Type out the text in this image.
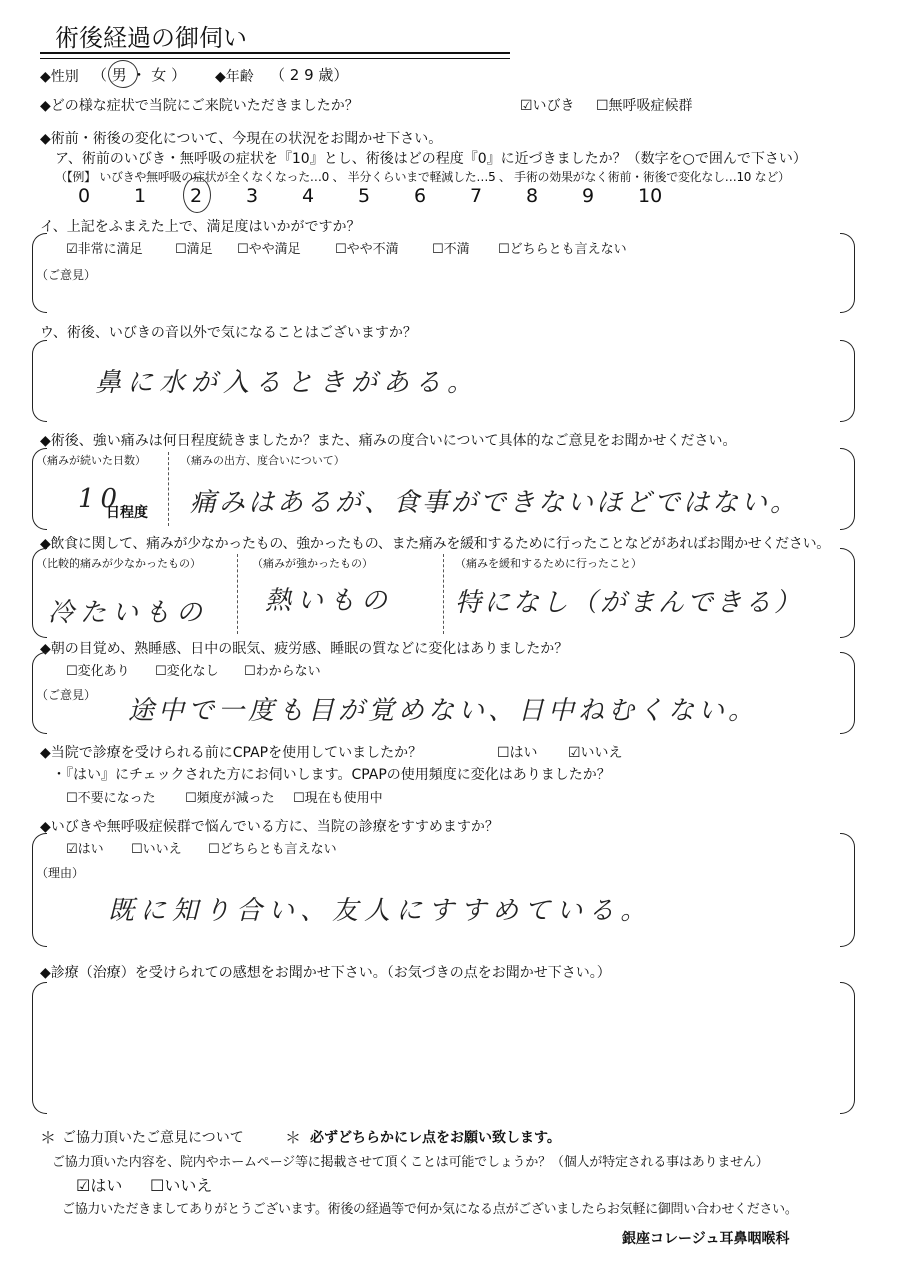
術後経過の御伺い
◆性別 （ 男 ・ 女 ） ◆年齢 （ 2 9 歳）
◆どの様な症状で当院にご来院いただきましたか？	☑いびき ☐無呼吸症候群
◆術前・術後の変化について、今現在の状況をお聞かせ下さい。
ア、術前のいびき・無呼吸の症状を『10』とし、術後はどの程度『0』に近づきましたか？（数字を○で囲んで下さい）
（【例】 いびきや無呼吸の症状が全くなくなった…0 、 半分くらいまで軽減した…5 、 手術の効果がなく術前・術後で変化なし…10 など）
0 1 2 3 4 5 6 7 8 9 10
イ、上記をふまえた上で、満足度はいかがですか？
☑非常に満足 ☐満足 ☐やや満足	☐やや不満	☐不満 ☐どちらとも言えない
（ご意見）
ウ、術後、いびきの音以外で気になることはございますか？
鼻に水が入るときがある。
◆術後、強い痛みは何日程度続きましたか？また、痛みの度合いについて具体的なご意見をお聞かせください。
（痛みが続いた日数）
10
日程度
（痛みの出方、度合いについて）
痛みはあるが、食事ができないほどではない。
◆飲食に関して、痛みが少なかったもの、強かったもの、また痛みを緩和するために行ったことなどがあればお聞かせください。
（比較的痛みが少なかったもの）
冷たいもの
（痛みが強かったもの）
熱いもの
（痛みを緩和するために行ったこと）
特になし（がまんできる）
◆朝の目覚め、熟睡感、日中の眠気、疲労感、睡眠の質などに変化はありましたか？
☐変化あり ☐変化なし ☐わからない
（ご意見）
途中で一度も目が覚めない、日中ねむくない。
◆当院で診療を受けられる前にCPAPを使用していましたか？	☐はい ☑いいえ
・『はい』にチェックされた方にお伺いします。CPAPの使用頻度に変化はありましたか？
☐不要になった ☐頻度が減った ☐現在も使用中
◆いびきや無呼吸症候群で悩んでいる方に、当院の診療をすすめますか？
☑はい ☐いいえ ☐どちらとも言えない
（理由）
既に知り合い、友人にすすめている。
◆診療（治療）を受けられての感想をお聞かせ下さい。（お気づきの点をお聞かせ下さい。）
＊ ご協力頂いたご意見について	＊ 必ずどちらかにレ点をお願い致します。
ご協力頂いた内容を、院内やホームページ等に掲載させて頂くことは可能でしょうか？（個人が特定される事はありません）
☑はい ☐いいえ
ご協力いただきましてありがとうございます。術後の経過等で何か気になる点がございましたらお気軽に御問い合わせください。
銀座コレージュ耳鼻咽喉科
